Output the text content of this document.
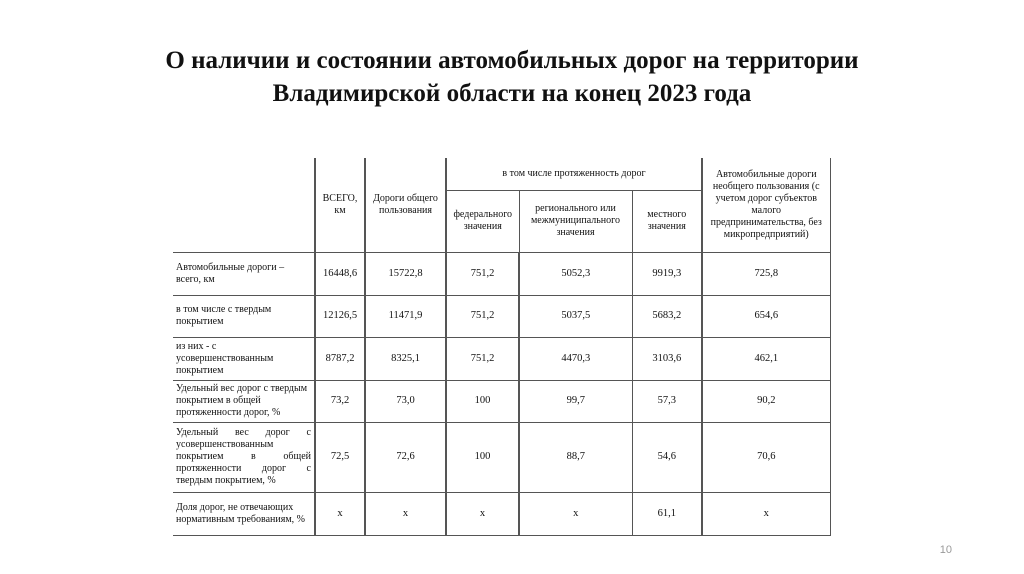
О наличии и состоянии автомобильных дорог на территории
Владимирской области на конец 2023 года
	ВСЕГО, км	Дороги общего пользования	в том числе протяженность дорог			Автомобильные дороги необщего пользования (с учетом дорог субъектов малого предпринимательства, без микропредприятий)
			федерального значения	регионального или межмуниципального значения	местного значения	
Автомобильные дороги – всего, км	16448,6	15722,8	751,2	5052,3	9919,3	725,8
в том числе с твердым покрытием	12126,5	11471,9	751,2	5037,5	5683,2	654,6
из них - с усовершенствованным покрытием	8787,2	8325,1	751,2	4470,3	3103,6	462,1
Удельный вес дорог с твердым покрытием в общей протяженности дорог, %	73,2	73,0	100	99,7	57,3	90,2
Удельный вес дорог с усовершенствованным покрытием в общей протяженности дорог с твердым покрытием, %	72,5	72,6	100	88,7	54,6	70,6
Доля дорог, не отвечающих нормативным требованиям, %	x	x	x	x	61,1	x
10
